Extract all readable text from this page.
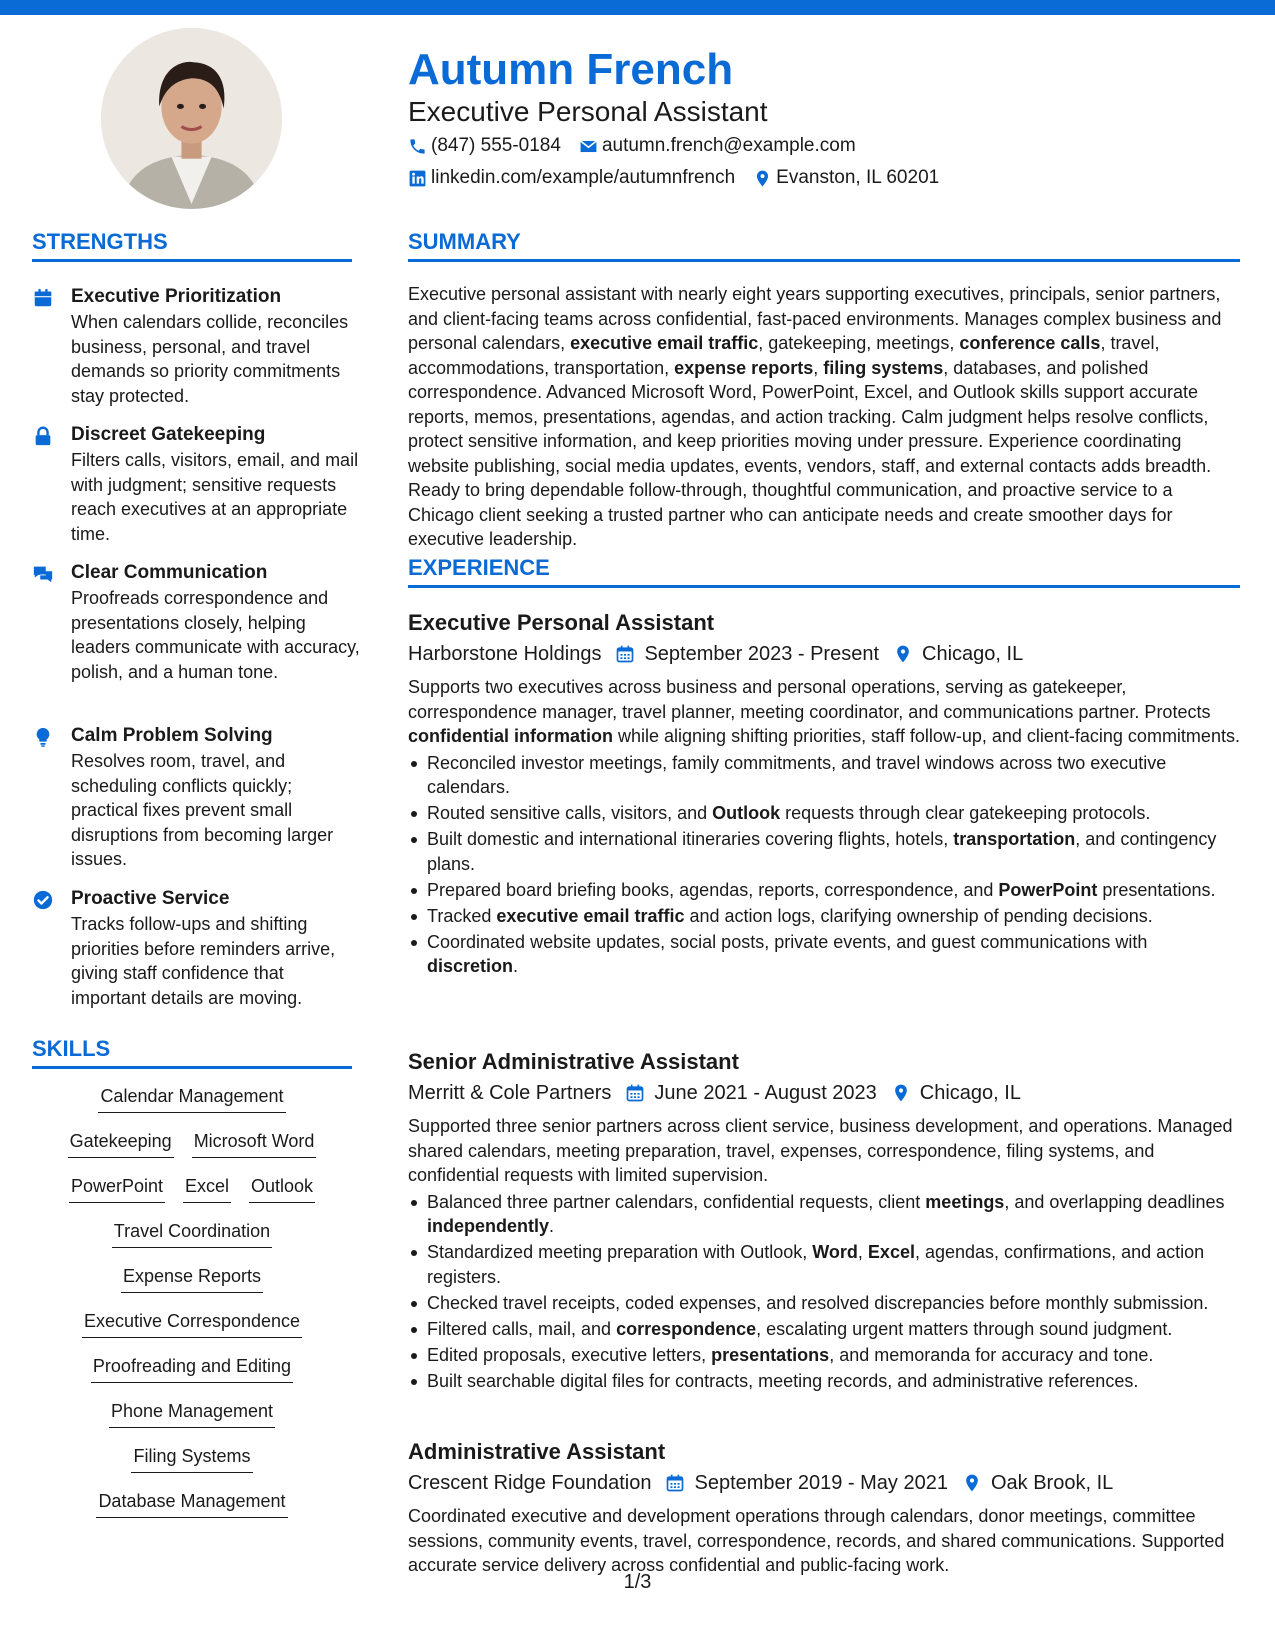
Autumn French
Executive Personal Assistant
(847) 555-0184 autumn.french@example.com
linkedin.com/example/autumnfrench Evanston, IL 60201
STRENGTHS
Executive Prioritization
When calendars collide, reconciles business, personal, and travel demands so priority commitments stay protected.
Discreet Gatekeeping
Filters calls, visitors, email, and mail with judgment; sensitive requests reach executives at an appropriate time.
Clear Communication
Proofreads correspondence and presentations closely, helping leaders communicate with accuracy, polish, and a human tone.
Calm Problem Solving
Resolves room, travel, and scheduling conflicts quickly; practical fixes prevent small disruptions from becoming larger issues.
Proactive Service
Tracks follow-ups and shifting priorities before reminders arrive, giving staff confidence that important details are moving.
SKILLS
Calendar Management
Gatekeeping Microsoft Word
PowerPoint Excel Outlook
Travel Coordination
Expense Reports
Executive Correspondence
Proofreading and Editing
Phone Management
Filing Systems
Database Management
SUMMARY
Executive personal assistant with nearly eight years supporting executives, principals, senior partners, and client-facing teams across confidential, fast-paced environments. Manages complex business and personal calendars, executive email traffic, gatekeeping, meetings, conference calls, travel, accommodations, transportation, expense reports, filing systems, databases, and polished correspondence. Advanced Microsoft Word, PowerPoint, Excel, and Outlook skills support accurate reports, memos, presentations, agendas, and action tracking. Calm judgment helps resolve conflicts, protect sensitive information, and keep priorities moving under pressure. Experience coordinating website publishing, social media updates, events, vendors, staff, and external contacts adds breadth. Ready to bring dependable follow-through, thoughtful communication, and proactive service to a Chicago client seeking a trusted partner who can anticipate needs and create smoother days for executive leadership.
EXPERIENCE
Executive Personal Assistant
Harborstone Holdings September 2023 - Present Chicago, IL
Supports two executives across business and personal operations, serving as gatekeeper, correspondence manager, travel planner, meeting coordinator, and communications partner. Protects confidential information while aligning shifting priorities, staff follow-up, and client-facing commitments.
Reconciled investor meetings, family commitments, and travel windows across two executive calendars.
Routed sensitive calls, visitors, and Outlook requests through clear gatekeeping protocols.
Built domestic and international itineraries covering flights, hotels, transportation, and contingency plans.
Prepared board briefing books, agendas, reports, correspondence, and PowerPoint presentations.
Tracked executive email traffic and action logs, clarifying ownership of pending decisions.
Coordinated website updates, social posts, private events, and guest communications with discretion.
Senior Administrative Assistant
Merritt & Cole Partners June 2021 - August 2023 Chicago, IL
Supported three senior partners across client service, business development, and operations. Managed shared calendars, meeting preparation, travel, expenses, correspondence, filing systems, and confidential requests with limited supervision.
Balanced three partner calendars, confidential requests, client meetings, and overlapping deadlines independently.
Standardized meeting preparation with Outlook, Word, Excel, agendas, confirmations, and action registers.
Checked travel receipts, coded expenses, and resolved discrepancies before monthly submission.
Filtered calls, mail, and correspondence, escalating urgent matters through sound judgment.
Edited proposals, executive letters, presentations, and memoranda for accuracy and tone.
Built searchable digital files for contracts, meeting records, and administrative references.
Administrative Assistant
Crescent Ridge Foundation September 2019 - May 2021 Oak Brook, IL
Coordinated executive and development operations through calendars, donor meetings, committee sessions, community events, travel, correspondence, records, and shared communications. Supported accurate service delivery across confidential and public-facing work.
1/3
